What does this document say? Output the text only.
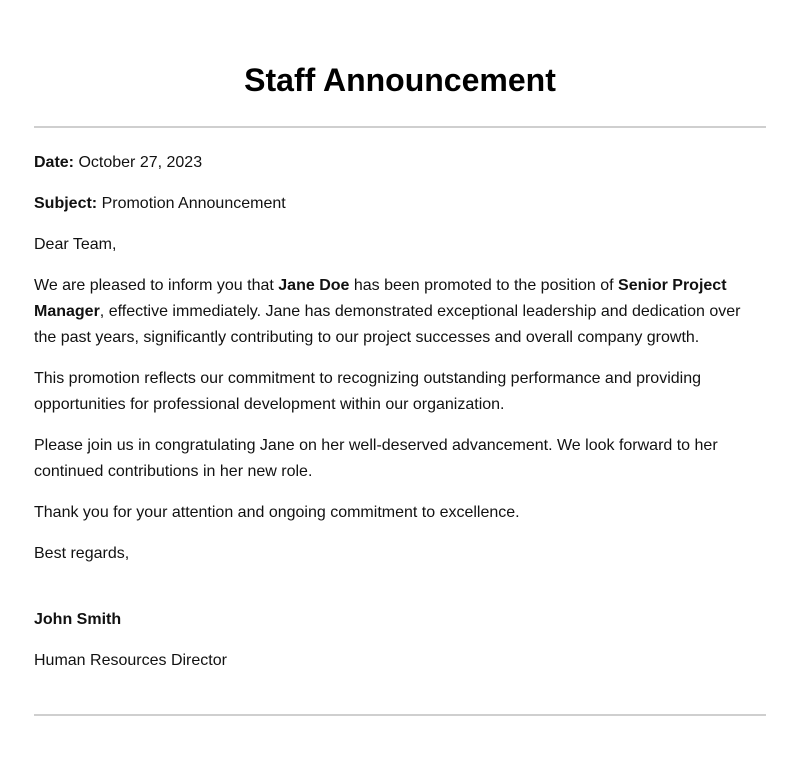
Staff Announcement

Date: October 27, 2023

Subject: Promotion Announcement

Dear Team,

We are pleased to inform you that Jane Doe has been promoted to the position of Senior Project Manager, effective immediately. Jane has demonstrated exceptional leadership and dedication over the past years, significantly contributing to our project successes and overall company growth.

This promotion reflects our commitment to recognizing outstanding performance and providing opportunities for professional development within our organization.

Please join us in congratulating Jane on her well-deserved advancement. We look forward to her continued contributions in her new role.

Thank you for your attention and ongoing commitment to excellence.

Best regards,

John Smith

Human Resources Director
